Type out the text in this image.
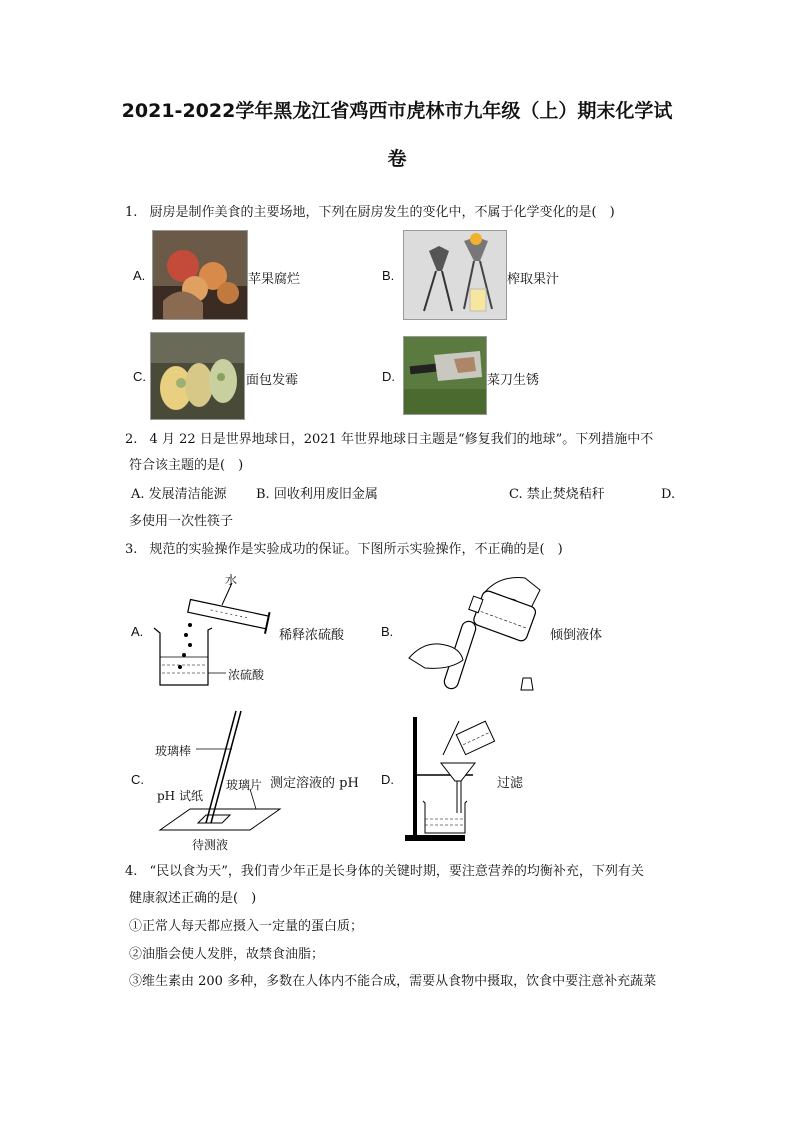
2021-2022学年黑龙江省鸡西市虎林市九年级（上）期末化学试
卷
1. 厨房是制作美食的主要场地，下列在厨房发生的变化中，不属于化学变化的是(　)
A.	苹果腐烂	B.	榨取果汁
C.	面包发霉	D.	菜刀生锈
2. 4 月 22 日是世界地球日，2021 年世界地球日主题是“修复我们的地球”。下列措施中不
符合该主题的是(　)
A. 发展清洁能源 B. 回收利用废旧金属	C. 禁止焚烧秸秆	D.
多使用一次性筷子
3. 规范的实验操作是实验成功的保证。下图所示实验操作，不正确的是(　)
A.
水
浓硫酸
稀释浓硫酸	B.	倾倒液体
C.
玻璃棒
玻璃片
pH 试纸
待测液
测定溶液的 pH D.	过滤
4. “民以食为天”，我们青少年正是长身体的关键时期，要注意营养的均衡补充，下列有关
健康叙述正确的是(　)
①正常人每天都应摄入一定量的蛋白质；
②油脂会使人发胖，故禁食油脂；
③维生素由 200 多种，多数在人体内不能合成，需要从食物中摄取，饮食中要注意补充蔬菜
